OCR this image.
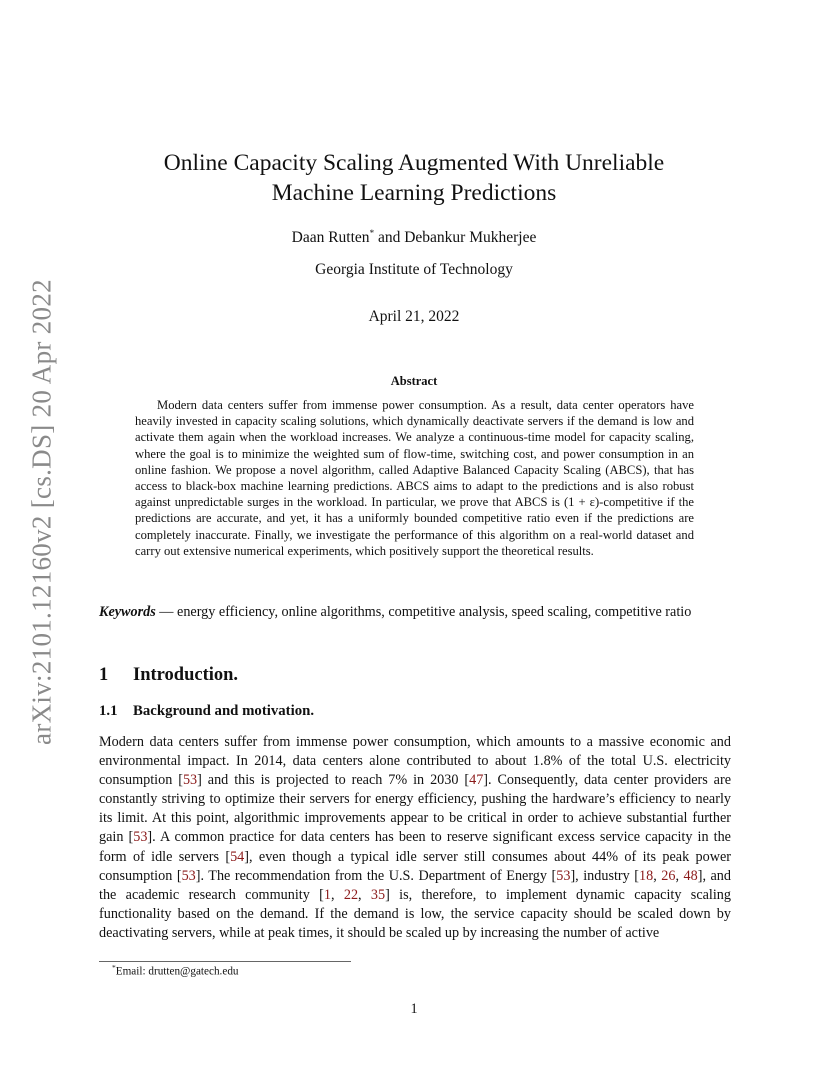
arXiv:2101.12160v2 [cs.DS] 20 Apr 2022
Online Capacity Scaling Augmented With Unreliable
Machine Learning Predictions
Daan Rutten* and Debankur Mukherjee
Georgia Institute of Technology
April 21, 2022
Abstract

Modern data centers suffer from immense power consumption. As a result, data center operators have heavily invested in capacity scaling solutions, which dynamically deactivate servers if the demand is low and activate them again when the workload increases. We analyze a continuous-time model for capacity scaling, where the goal is to minimize the weighted sum of flow-time, switching cost, and power consumption in an online fashion. We propose a novel algorithm, called Adaptive Balanced Capacity Scaling (ABCS), that has access to black-box machine learning predictions. ABCS aims to adapt to the predictions and is also robust against unpredictable surges in the workload. In particular, we prove that ABCS is (1 + ε)-competitive if the predictions are accurate, and yet, it has a uniformly bounded competitive ratio even if the predictions are completely inaccurate. Finally, we investigate the performance of this algorithm on a real-world dataset and carry out extensive numerical experiments, which positively support the theoretical results.

Keywords — energy efficiency, online algorithms, competitive analysis, speed scaling, competitive ratio
1 Introduction.
1.1 Background and motivation.

Modern data centers suffer from immense power consumption, which amounts to a massive economic and environmental impact. In 2014, data centers alone contributed to about 1.8% of the total U.S. electricity consumption [53] and this is projected to reach 7% in 2030 [47]. Consequently, data center providers are constantly striving to optimize their servers for energy efficiency, pushing the hardware’s efficiency to nearly its limit. At this point, algorithmic improvements appear to be critical in order to achieve substantial further gain [53]. A common practice for data centers has been to reserve significant excess service capacity in the form of idle servers [54], even though a typical idle server still consumes about 44% of its peak power consumption [53]. The recommendation from the U.S. Department of Energy [53], industry [18, 26, 48], and the academic research community [1, 22, 35] is, therefore, to implement dynamic capacity scaling functionality based on the demand. If the demand is low, the service capacity should be scaled down by deactivating servers, while at peak times, it should be scaled up by increasing the number of active

*Email: drutten@gatech.edu
1
